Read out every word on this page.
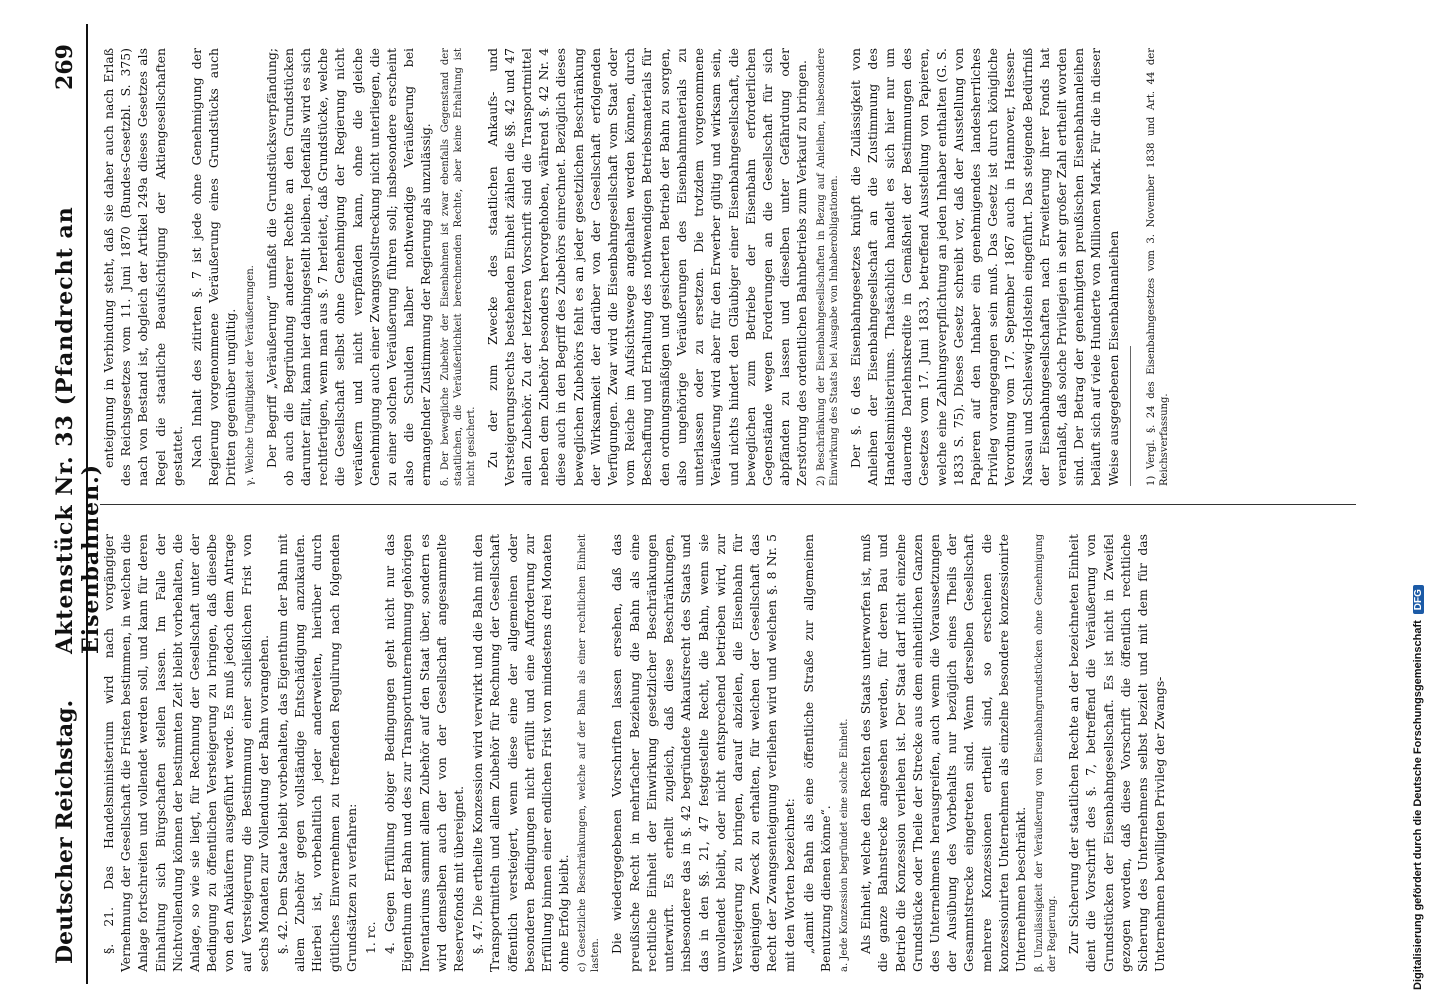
Deutscher Reichstag.
Aktenstück Nr. 33 (Pfandrecht an Eisenbahnen.)
269

§. 21. Das Handelsministerium wird nach vorgängiger Vernehmung der Gesellschaft die Fristen bestimmen, in welchen die Anlage fortschreiten und vollendet werden soll, und kann für deren Einhaltung sich Bürgschaften stellen lassen. Im Falle der Nichtvollendung können der bestimmten Zeit bleibt vorbehalten, die Anlage, so wie sie liegt, für Rechnung der Gesellschaft unter der Bedingung zu öffentlichen Versteigerung zu bringen, daß dieselbe von den Ankäufern ausgeführt werde. Es muß jedoch dem Antrage auf Versteigerung die Bestimmung einer schließlichen Frist von sechs Monaten zur Vollendung der Bahn vorangehen. §. 42. Dem Staate bleibt vorbehalten, das Eigenthum der Bahn mit allem Zubehör gegen vollständige Entschädigung anzukaufen. Hierbei ist, vorbehaltlich jeder anderweiten, hierüber durch gütliches Einvernehmen zu treffenden Regulirung nach folgenden Grundsätzen zu verfahren: 1. rc. 4. Gegen Erfüllung obiger Bedingungen geht nicht nur das Eigenthum der Bahn und des zur Transportunternehmung gehörigen Inventariums sammt allem Zubehör auf den Staat über, sondern es wird demselben auch der von der Gesellschaft angesammelte Reservefonds mit übereignet. §. 47. Die ertheilte Konzession wird verwirkt und die Bahn mit den Transportmitteln und allem Zubehör für Rechnung der Gesellschaft öffentlich versteigert, wenn diese eine der allgemeinen oder besonderen Bedingungen nicht erfüllt und eine Aufforderung zur Erfüllung binnen einer endlichen Frist von mindestens drei Monaten ohne Erfolg bleibt. c) Gesetzliche Beschränkungen, welche auf der Bahn als einer rechtlichen Einheit lasten.

Die wiedergegebenen Vorschriften lassen ersehen, daß das preußische Recht in mehrfacher Beziehung die Bahn als eine rechtliche Einheit der Einwirkung gesetzlicher Beschränkungen unterwirft. Es erhellt zugleich, daß diese Beschränkungen, insbesondere das in §. 42 begründete Ankaufsrecht des Staats und das in den §§. 21, 47 festgestellte Recht, die Bahn, wenn sie unvollendet bleibt, oder nicht entsprechend betrieben wird, zur Versteigerung zu bringen, darauf abzielen, die Eisenbahn für denjenigen Zweck zu erhalten, für welchen der Gesellschaft das Recht der Zwangsenteignung verliehen wird und welchen §. 8 Nr. 5 mit den Worten bezeichnet: „damit die Bahn als eine öffentliche Straße zur allgemeinen Benutzung dienen könne“. a. Jede Konzession begründet eine solche Einheit. Als Einheit, welche den Rechten des Staats unterworfen ist, muß die ganze Bahnstrecke angesehen werden, für deren Bau und Betrieb die Konzession verliehen ist. Der Staat darf nicht einzelne Grundstücke oder Theile der Strecke aus dem einheitlichen Ganzen des Unternehmens herausgreifen, auch wenn die Voraussetzungen der Ausübung des Vorbehalts nur bezüglich eines Theils der Gesammtstrecke eingetreten sind. Wenn derselben Gesellschaft mehrere Konzessionen ertheilt sind, so erscheinen die konzessionirten Unternehmen als einzelne besondere konzessionirte Unternehmen beschränkt. β. Unzulässigkeit der Veräußerung von Eisenbahngrundstücken ohne Genehmigung der Regierung. Zur Sicherung der staatlichen Rechte an der bezeichneten Einheit dient die Vorschrift des §. 7, betreffend die Veräußerung von Grundstücken der Eisenbahngesellschaft. Es ist nicht in Zweifel gezogen worden, daß diese Vorschrift die öffentlich rechtliche Sicherung des Unternehmens selbst bezielt und mit dem für das Unternehmen bewilligten Privileg der Zwangs-

enteignung in Verbindung steht, daß sie daher auch nach Erlaß des Reichsgesetzes vom 11. Juni 1870 (Bundes-Gesetzbl. S. 375) nach von Bestand ist, obgleich der Artikel 249a dieses Gesetzes als Regel die staatliche Beaufsichtigung der Aktiengesellschaften gestattet. Nach Inhalt des zitirten §. 7 ist jede ohne Genehmigung der Regierung vorgenommene Veräußerung eines Grundstücks auch Dritten gegenüber ungültig. γ. Welche Ungültigkeit der Veräußerungen. Der Begriff „Veräußerung“ umfaßt die Grundstücksverpfändung; ob auch die Begründung anderer Rechte an den Grundstücken darunter fällt, kann hier dahingestellt bleiben. Jedenfalls wird es sich rechtfertigen, wenn man aus §. 7 herleitet, daß Grundstücke, welche die Gesellschaft selbst ohne Genehmigung der Regierung nicht veräußern und nicht verpfänden kann, ohne die gleiche Genehmigung auch einer Zwangsvollstreckung nicht unterliegen, die zu einer solchen Veräußerung führen soll; insbesondere erscheint also die Schulden halber nothwendige Veräußerung bei ermangelnder Zustimmung der Regierung als unzulässig. δ. Der bewegliche Zubehör der Eisenbahnen ist zwar ebenfalls Gegenstand der staatlichen, die Veräußerlichkeit berechnenden Rechte, aber keine Erhaltung ist nicht gesichert. Zu der zum Zwecke des staatlichen Ankaufs- und Versteigerungsrechts bestehenden Einheit zählen die §§. 42 und 47 allen Zubehör. Zu der letzteren Vorschrift sind die Transportmittel neben dem Zubehör besonders hervorgehoben, während §. 42 Nr. 4 diese auch in den Begriff des Zubehörs einrechnet. Bezüglich dieses beweglichen Zubehörs fehlt es an jeder gesetzlichen Beschränkung der Wirksamkeit der darüber von der Gesellschaft erfolgenden Verfügungen. Zwar wird die Eisenbahngesellschaft vom Staat oder vom Reiche im Aufsichtswege angehalten werden können, durch Beschaffung und Erhaltung des nothwendigen Betriebsmaterials für den ordnungsmäßigen und gesicherten Betrieb der Bahn zu sorgen, also ungehörige Veräußerungen des Eisenbahnmaterials zu unterlassen oder zu ersetzen. Die trotzdem vorgenommene Veräußerung wird aber für den Erwerber gültig und wirksam sein, und nichts hindert den Gläubiger einer Eisenbahngesellschaft, die beweglichen zum Betriebe der Eisenbahn erforderlichen Gegenstände wegen Forderungen an die Gesellschaft für sich abpfänden zu lassen und dieselben unter Gefährdung oder Zerstörung des ordentlichen Bahnbetriebs zum Verkauf zu bringen. 2) Beschränkung der Eisenbahngesellschaften in Bezug auf Anleihen, insbesondere Einwirkung des Staats bei Ausgabe von Inhaberobligationen. Der §. 6 des Eisenbahngesetzes knüpft die Zulässigkeit von Anleihen der Eisenbahngesellschaft an die Zustimmung des Handelsministeriums. Thatsächlich handelt es sich hier nur um dauernde Darlehnskredite in Gemäßheit der Bestimmungen des Gesetzes vom 17. Juni 1833, betreffend Ausstellung von Papieren, welche eine Zahlungsverpflichtung an jeden Inhaber enthalten (G. S. 1833 S. 75). Dieses Gesetz schreibt vor, daß der Ausstellung von Papieren auf den Inhaber ein genehmigendes landesherrliches Privileg vorangegangen sein muß. Das Gesetz ist durch königliche Verordnung vom 17. September 1867 auch in Hannover, Hessen-Nassau und Schleswig-Holstein eingeführt. Das steigende Bedürfniß der Eisenbahngesellschaften nach Erweiterung ihrer Fonds hat veranlaßt, daß solche Privilegien in sehr großer Zahl ertheilt worden sind. Der Betrag der genehmigten preußischen Eisenbahnanleihen beläuft sich auf viele Hunderte von Millionen Mark. Für die in dieser Weise ausgegebenen Eisenbahnanleihen	1) Vergl. §. 24 des Eisenbahngesetzes vom 3. November 1838 und Art. 44 der Reichsverfassung.

Digitalisierung gefördert durch die Deutsche ForschungsgemeinschaftDFG
